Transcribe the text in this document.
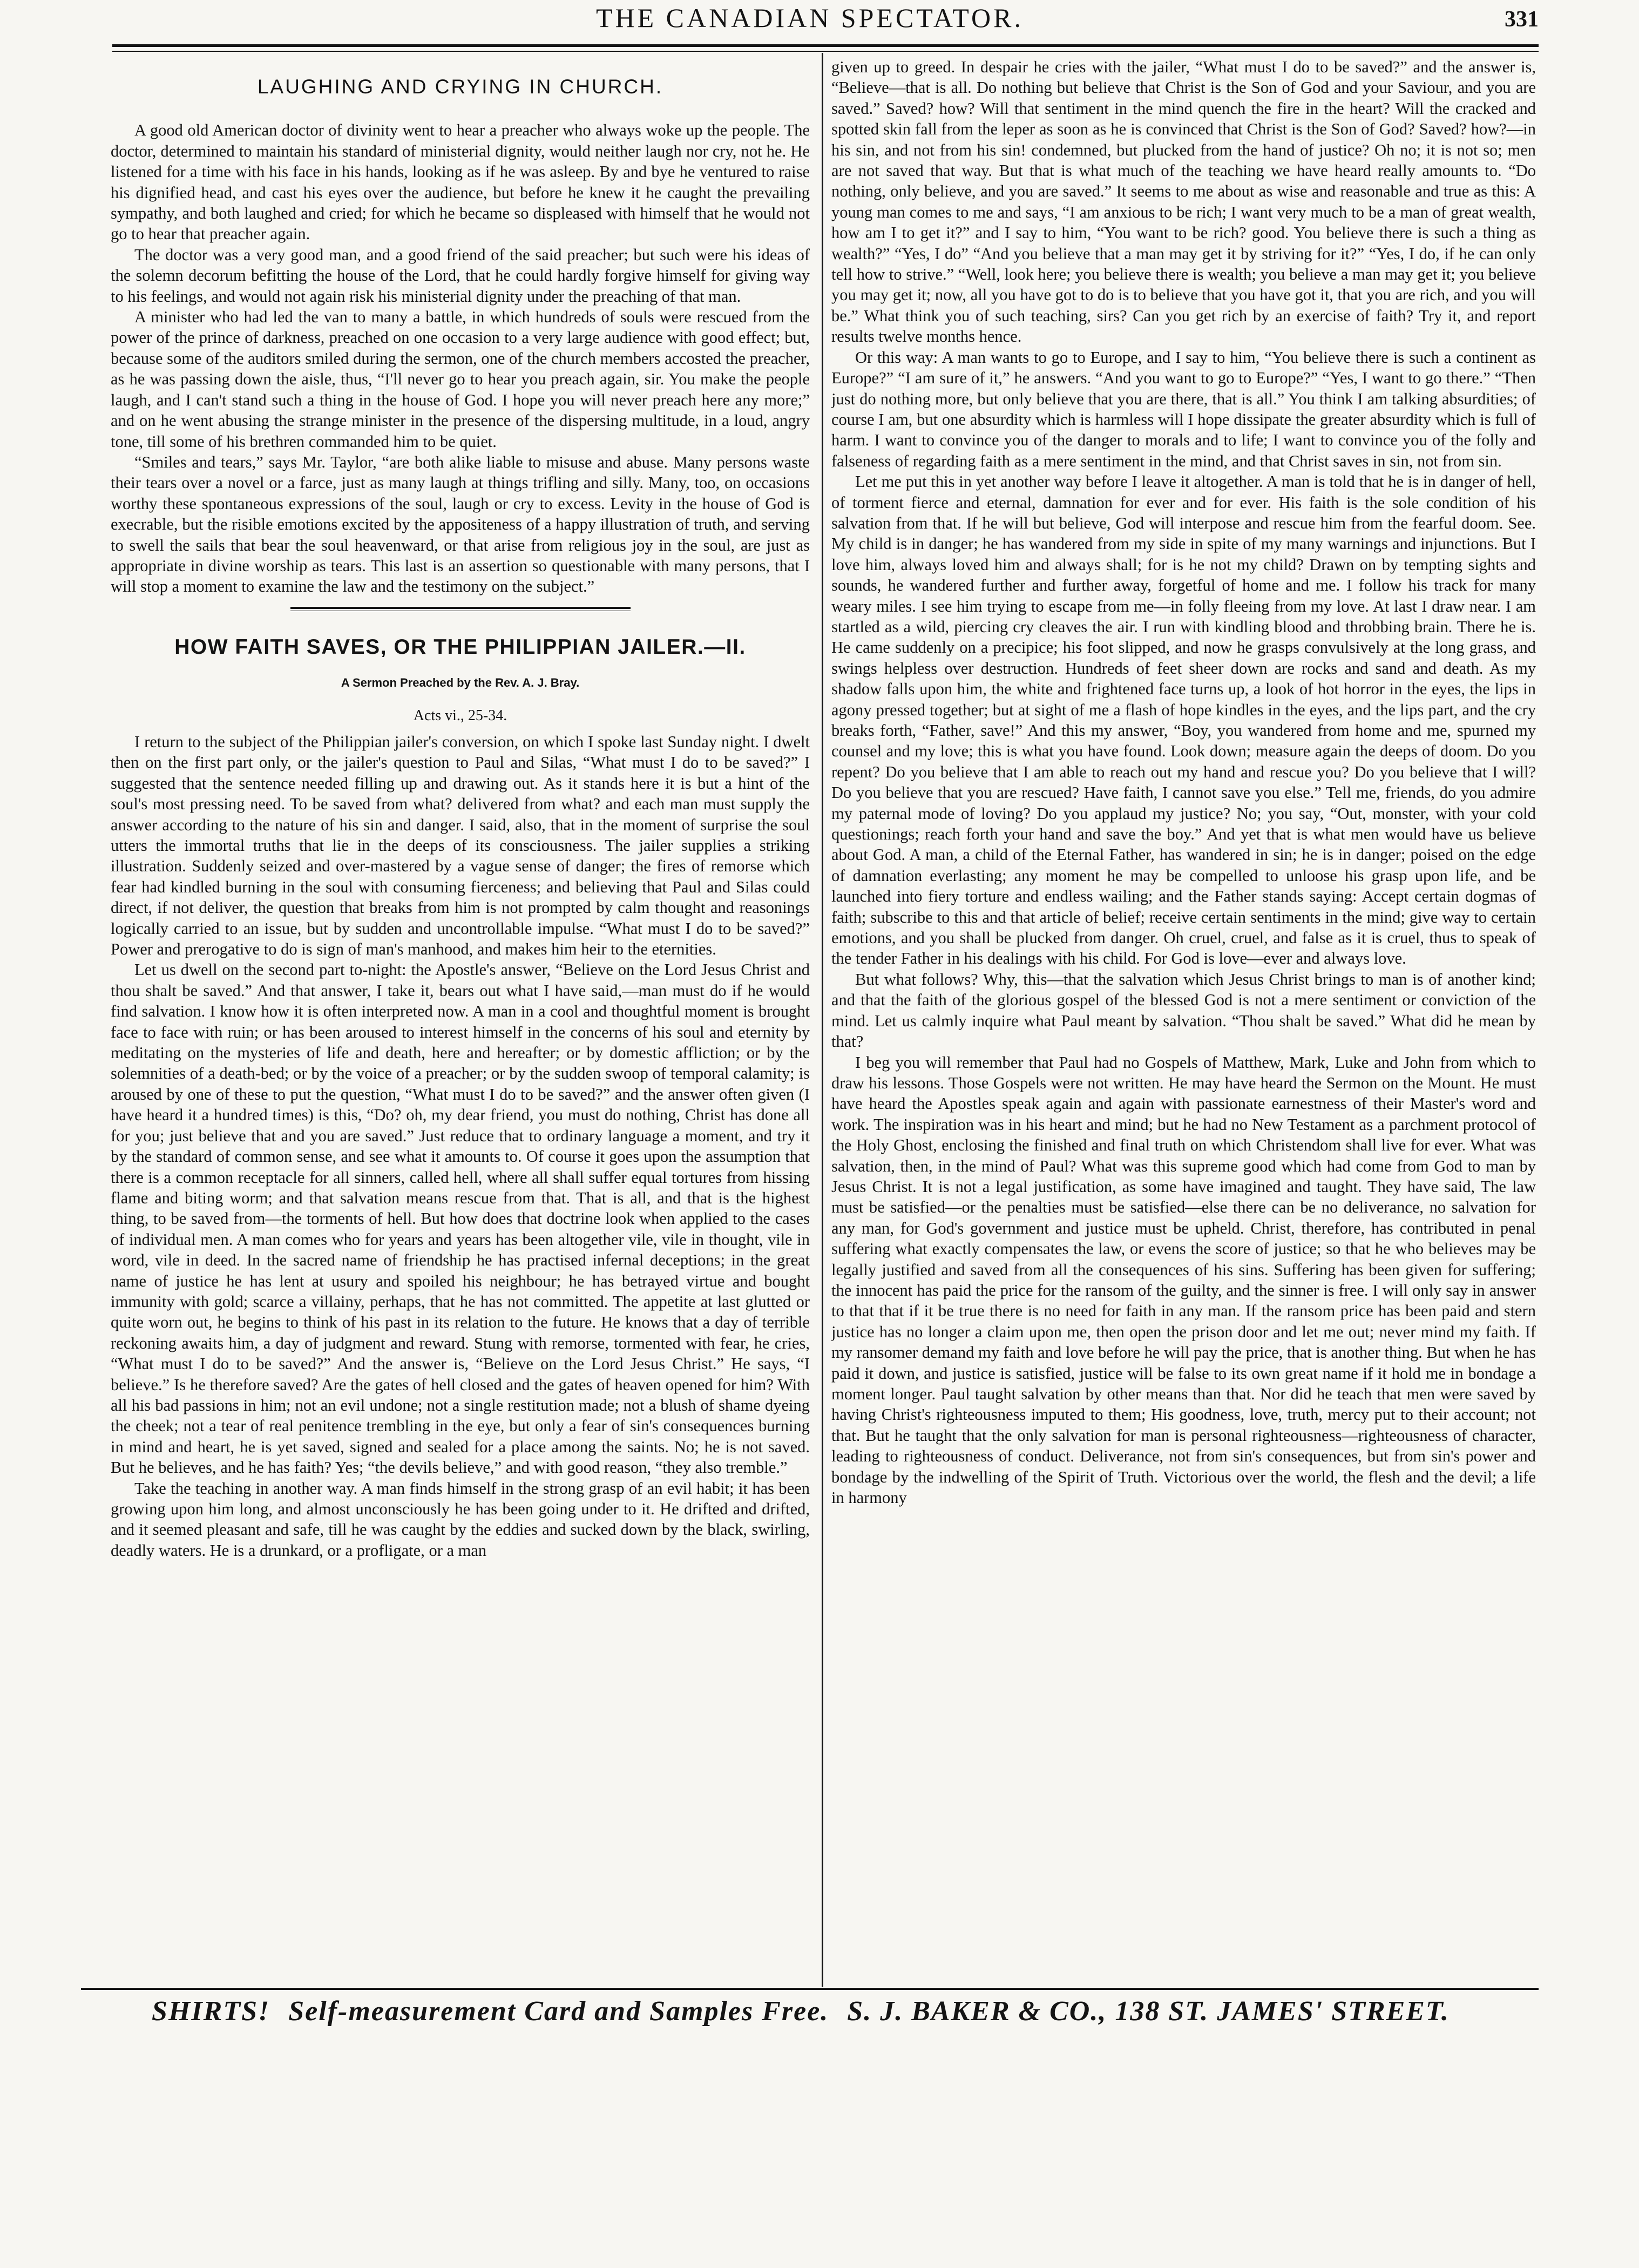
THE CANADIAN SPECTATOR.	331
LAUGHING AND CRYING IN CHURCH.

A good old American doctor of divinity went to hear a preacher who always woke up the people. The doctor, determined to maintain his standard of ministerial dignity, would neither laugh nor cry, not he. He listened for a time with his face in his hands, looking as if he was asleep. By and bye he ventured to raise his dignified head, and cast his eyes over the audience, but before he knew it he caught the prevailing sympathy, and both laughed and cried; for which he became so displeased with himself that he would not go to hear that preacher again.

The doctor was a very good man, and a good friend of the said preacher; but such were his ideas of the solemn decorum befitting the house of the Lord, that he could hardly forgive himself for giving way to his feelings, and would not again risk his ministerial dignity under the preaching of that man.

A minister who had led the van to many a battle, in which hundreds of souls were rescued from the power of the prince of darkness, preached on one occasion to a very large audience with good effect; but, because some of the auditors smiled during the sermon, one of the church members accosted the preacher, as he was passing down the aisle, thus, “I'll never go to hear you preach again, sir. You make the people laugh, and I can't stand such a thing in the house of God. I hope you will never preach here any more;” and on he went abusing the strange minister in the presence of the dispersing multitude, in a loud, angry tone, till some of his brethren commanded him to be quiet.

“Smiles and tears,” says Mr. Taylor, “are both alike liable to misuse and abuse. Many persons waste their tears over a novel or a farce, just as many laugh at things trifling and silly. Many, too, on occasions worthy these spontaneous expressions of the soul, laugh or cry to excess. Levity in the house of God is execrable, but the risible emotions excited by the appositeness of a happy illustration of truth, and serving to swell the sails that bear the soul heavenward, or that arise from religious joy in the soul, are just as appropriate in divine worship as tears. This last is an assertion so questionable with many persons, that I will stop a moment to examine the law and the testimony on the subject.”

HOW FAITH SAVES, OR THE PHILIPPIAN JAILER.—II.
A Sermon Preached by the Rev. A. J. Bray.
Acts vi., 25-34.

I return to the subject of the Philippian jailer's conversion, on which I spoke last Sunday night. I dwelt then on the first part only, or the jailer's question to Paul and Silas, “What must I do to be saved?” I suggested that the sentence needed filling up and drawing out. As it stands here it is but a hint of the soul's most pressing need. To be saved from what? delivered from what? and each man must supply the answer according to the nature of his sin and danger. I said, also, that in the moment of surprise the soul utters the immortal truths that lie in the deeps of its consciousness. The jailer supplies a striking illustration. Suddenly seized and over-mastered by a vague sense of danger; the fires of remorse which fear had kindled burning in the soul with consuming fierceness; and believing that Paul and Silas could direct, if not deliver, the question that breaks from him is not prompted by calm thought and reasonings logically carried to an issue, but by sudden and uncontrollable impulse. “What must I do to be saved?” Power and prerogative to do is sign of man's manhood, and makes him heir to the eternities.

Let us dwell on the second part to-night: the Apostle's answer, “Believe on the Lord Jesus Christ and thou shalt be saved.” And that answer, I take it, bears out what I have said,—man must do if he would find salvation. I know how it is often interpreted now. A man in a cool and thoughtful moment is brought face to face with ruin; or has been aroused to interest himself in the concerns of his soul and eternity by meditating on the mysteries of life and death, here and hereafter; or by domestic affliction; or by the solemnities of a death-bed; or by the voice of a preacher; or by the sudden swoop of temporal calamity; is aroused by one of these to put the question, “What must I do to be saved?” and the answer often given (I have heard it a hundred times) is this, “Do? oh, my dear friend, you must do nothing, Christ has done all for you; just believe that and you are saved.” Just reduce that to ordinary language a moment, and try it by the standard of common sense, and see what it amounts to. Of course it goes upon the assumption that there is a common receptacle for all sinners, called hell, where all shall suffer equal tortures from hissing flame and biting worm; and that salvation means rescue from that. That is all, and that is the highest thing, to be saved from—the torments of hell. But how does that doctrine look when applied to the cases of individual men. A man comes who for years and years has been altogether vile, vile in thought, vile in word, vile in deed. In the sacred name of friendship he has practised infernal deceptions; in the great name of justice he has lent at usury and spoiled his neighbour; he has betrayed virtue and bought immunity with gold; scarce a villainy, perhaps, that he has not committed. The appetite at last glutted or quite worn out, he begins to think of his past in its relation to the future. He knows that a day of terrible reckoning awaits him, a day of judgment and reward. Stung with remorse, tormented with fear, he cries, “What must I do to be saved?” And the answer is, “Believe on the Lord Jesus Christ.” He says, “I believe.” Is he therefore saved? Are the gates of hell closed and the gates of heaven opened for him? With all his bad passions in him; not an evil undone; not a single restitution made; not a blush of shame dyeing the cheek; not a tear of real penitence trembling in the eye, but only a fear of sin's consequences burning in mind and heart, he is yet saved, signed and sealed for a place among the saints. No; he is not saved. But he believes, and he has faith? Yes; “the devils believe,” and with good reason, “they also tremble.”

Take the teaching in another way. A man finds himself in the strong grasp of an evil habit; it has been growing upon him long, and almost unconsciously he has been going under to it. He drifted and drifted, and it seemed pleasant and safe, till he was caught by the eddies and sucked down by the black, swirling, deadly waters. He is a drunkard, or a profligate, or a man

given up to greed. In despair he cries with the jailer, “What must I do to be saved?” and the answer is, “Believe—that is all. Do nothing but believe that Christ is the Son of God and your Saviour, and you are saved.” Saved? how? Will that sentiment in the mind quench the fire in the heart? Will the cracked and spotted skin fall from the leper as soon as he is convinced that Christ is the Son of God? Saved? how?—in his sin, and not from his sin! condemned, but plucked from the hand of justice? Oh no; it is not so; men are not saved that way. But that is what much of the teaching we have heard really amounts to. “Do nothing, only believe, and you are saved.” It seems to me about as wise and reasonable and true as this: A young man comes to me and says, “I am anxious to be rich; I want very much to be a man of great wealth, how am I to get it?” and I say to him, “You want to be rich? good. You believe there is such a thing as wealth?” “Yes, I do” “And you believe that a man may get it by striving for it?” “Yes, I do, if he can only tell how to strive.” “Well, look here; you believe there is wealth; you believe a man may get it; you believe you may get it; now, all you have got to do is to believe that you have got it, that you are rich, and you will be.” What think you of such teaching, sirs? Can you get rich by an exercise of faith? Try it, and report results twelve months hence.

Or this way: A man wants to go to Europe, and I say to him, “You believe there is such a continent as Europe?” “I am sure of it,” he answers. “And you want to go to Europe?” “Yes, I want to go there.” “Then just do nothing more, but only believe that you are there, that is all.” You think I am talking absurdities; of course I am, but one absurdity which is harmless will I hope dissipate the greater absurdity which is full of harm. I want to convince you of the danger to morals and to life; I want to convince you of the folly and falseness of regarding faith as a mere sentiment in the mind, and that Christ saves in sin, not from sin.

Let me put this in yet another way before I leave it altogether. A man is told that he is in danger of hell, of torment fierce and eternal, damnation for ever and for ever. His faith is the sole condition of his salvation from that. If he will but believe, God will interpose and rescue him from the fearful doom. See. My child is in danger; he has wandered from my side in spite of my many warnings and injunctions. But I love him, always loved him and always shall; for is he not my child? Drawn on by tempting sights and sounds, he wandered further and further away, forgetful of home and me. I follow his track for many weary miles. I see him trying to escape from me—in folly fleeing from my love. At last I draw near. I am startled as a wild, piercing cry cleaves the air. I run with kindling blood and throbbing brain. There he is. He came suddenly on a precipice; his foot slipped, and now he grasps convulsively at the long grass, and swings helpless over destruction. Hundreds of feet sheer down are rocks and sand and death. As my shadow falls upon him, the white and frightened face turns up, a look of hot horror in the eyes, the lips in agony pressed together; but at sight of me a flash of hope kindles in the eyes, and the lips part, and the cry breaks forth, “Father, save!” And this my answer, “Boy, you wandered from home and me, spurned my counsel and my love; this is what you have found. Look down; measure again the deeps of doom. Do you repent? Do you believe that I am able to reach out my hand and rescue you? Do you believe that I will? Do you believe that you are rescued? Have faith, I cannot save you else.” Tell me, friends, do you admire my paternal mode of loving? Do you applaud my justice? No; you say, “Out, monster, with your cold questionings; reach forth your hand and save the boy.” And yet that is what men would have us believe about God. A man, a child of the Eternal Father, has wandered in sin; he is in danger; poised on the edge of damnation everlasting; any moment he may be compelled to unloose his grasp upon life, and be launched into fiery torture and endless wailing; and the Father stands saying: Accept certain dogmas of faith; subscribe to this and that article of belief; receive certain sentiments in the mind; give way to certain emotions, and you shall be plucked from danger. Oh cruel, cruel, and false as it is cruel, thus to speak of the tender Father in his dealings with his child. For God is love—ever and always love.

But what follows? Why, this—that the salvation which Jesus Christ brings to man is of another kind; and that the faith of the glorious gospel of the blessed God is not a mere sentiment or conviction of the mind. Let us calmly inquire what Paul meant by salvation. “Thou shalt be saved.” What did he mean by that?

I beg you will remember that Paul had no Gospels of Matthew, Mark, Luke and John from which to draw his lessons. Those Gospels were not written. He may have heard the Sermon on the Mount. He must have heard the Apostles speak again and again with passionate earnestness of their Master's word and work. The inspiration was in his heart and mind; but he had no New Testament as a parchment protocol of the Holy Ghost, enclosing the finished and final truth on which Christendom shall live for ever. What was salvation, then, in the mind of Paul? What was this supreme good which had come from God to man by Jesus Christ. It is not a legal justification, as some have imagined and taught. They have said, The law must be satisfied—or the penalties must be satisfied—else there can be no deliverance, no salvation for any man, for God's government and justice must be upheld. Christ, therefore, has contributed in penal suffering what exactly compensates the law, or evens the score of justice; so that he who believes may be legally justified and saved from all the consequences of his sins. Suffering has been given for suffering; the innocent has paid the price for the ransom of the guilty, and the sinner is free. I will only say in answer to that that if it be true there is no need for faith in any man. If the ransom price has been paid and stern justice has no longer a claim upon me, then open the prison door and let me out; never mind my faith. If my ransomer demand my faith and love before he will pay the price, that is another thing. But when he has paid it down, and justice is satisfied, justice will be false to its own great name if it hold me in bondage a moment longer. Paul taught salvation by other means than that. Nor did he teach that men were saved by having Christ's righteousness imputed to them; His goodness, love, truth, mercy put to their account; not that. But he taught that the only salvation for man is personal righteousness—righteousness of character, leading to righteousness of conduct. Deliverance, not from sin's consequences, but from sin's power and bondage by the indwelling of the Spirit of Truth. Victorious over the world, the flesh and the devil; a life in harmony

SHIRTS! Self-measurement Card and Samples Free. S. J. BAKER & CO., 138 ST. JAMES' STREET.
